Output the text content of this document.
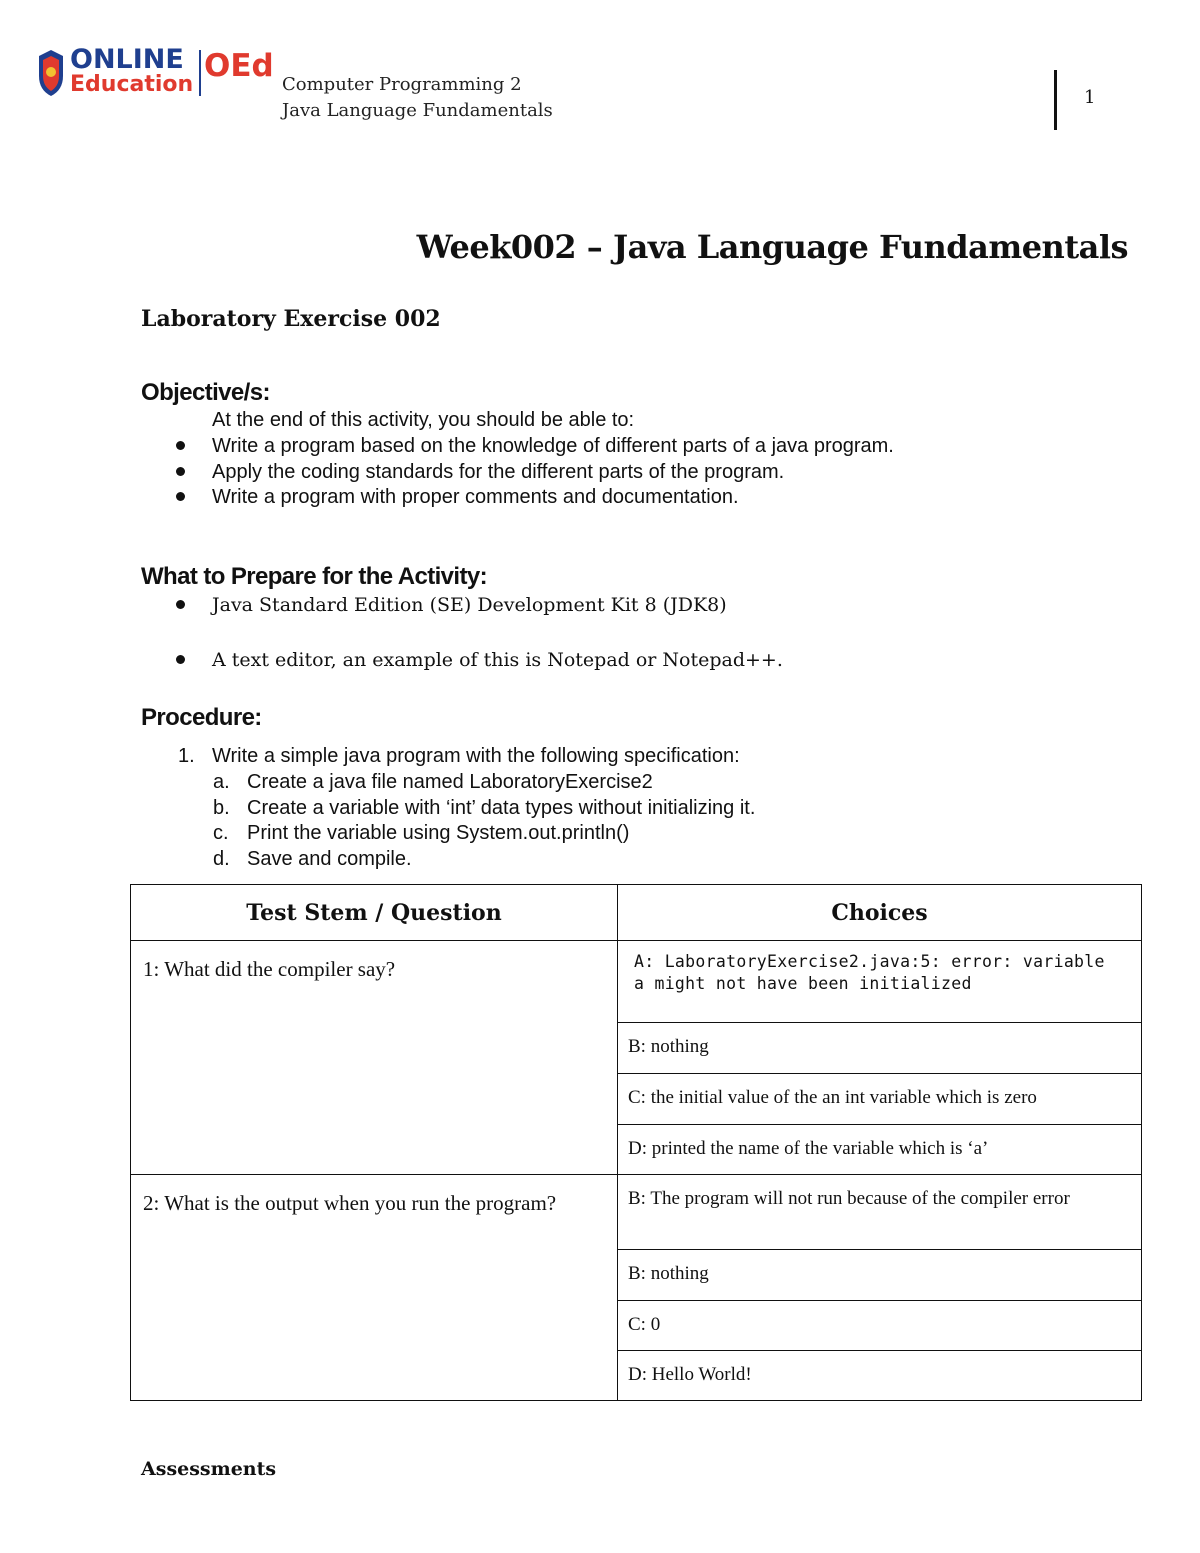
ONLINE
Education
OEd
Computer Programming 2
Java Language Fundamentals
1
Week002 – Java Language Fundamentals
Laboratory Exercise 002
Objective/s:
At the end of this activity, you should be able to:
Write a program based on the knowledge of different parts of a java program.
Apply the coding standards for the different parts of the program.
Write a program with proper comments and documentation.
What to Prepare for the Activity:
Java Standard Edition (SE) Development Kit 8 (JDK8)
A text editor, an example of this is Notepad or Notepad++.
Procedure:
1. Write a simple java program with the following specification:
a. Create a java file named LaboratoryExercise2
b. Create a variable with ‘int’ data types without initializing it.
c. Print the variable using System.out.println()
d. Save and compile.
Test Stem / Question	Choices
1: What did the compiler say?	A: LaboratoryExercise2.java:5: error: variable a might not have been initialized
	B: nothing
	C: the initial value of the an int variable which is zero
	D: printed the name of the variable which is ‘a’
2: What is the output when you run the program?	B: The program will not run because of the compiler error
	B: nothing
	C: 0
	D: Hello World!
Assessments
